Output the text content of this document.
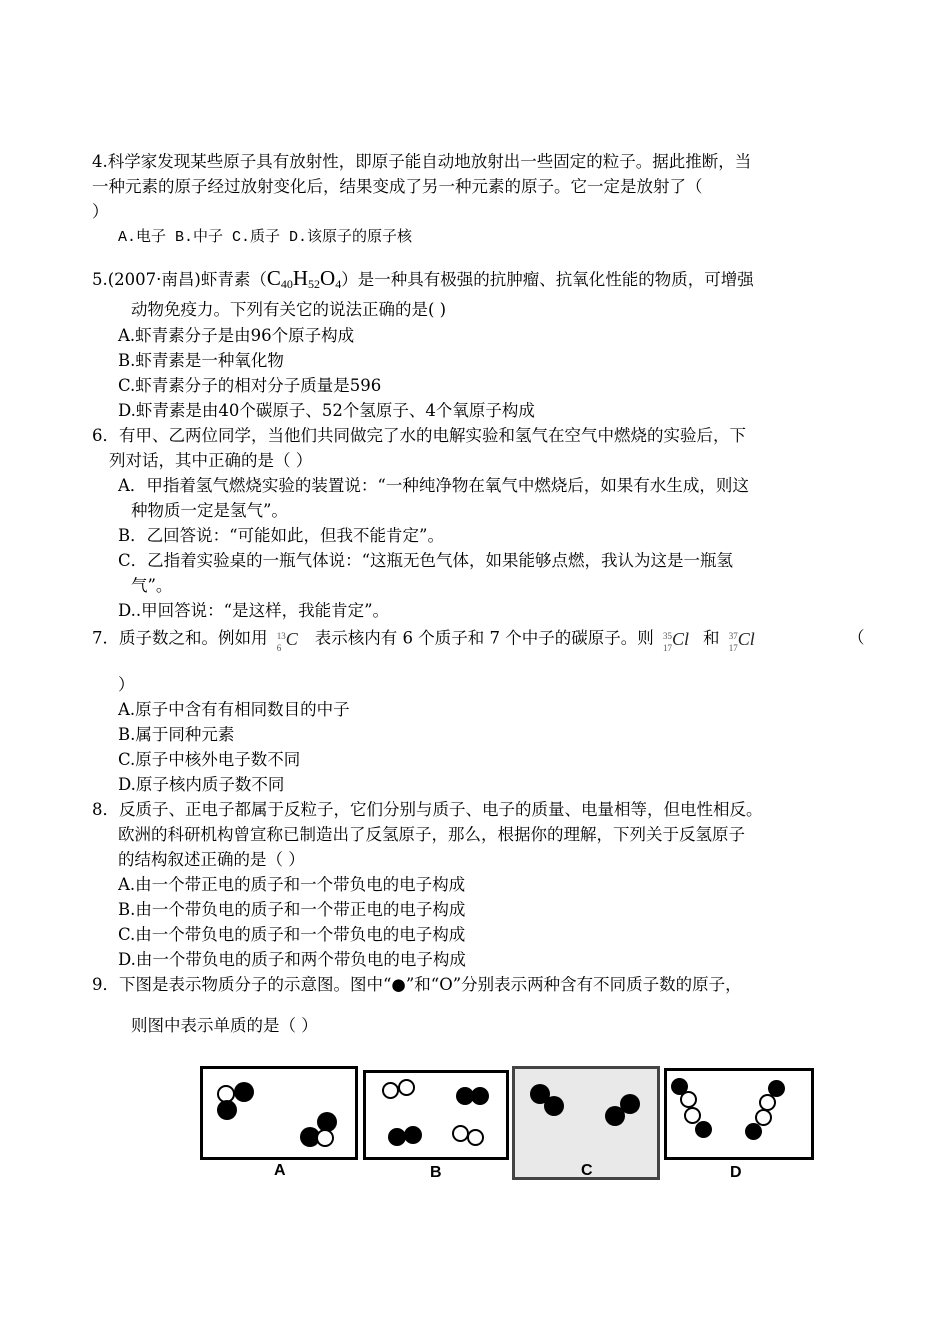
4.科学家发现某些原子具有放射性，即原子能自动地放射出一些固定的粒子。据此推断，当
一种元素的原子经过放射变化后，结果变成了另一种元素的原子。它一定是放射了（
）
A.电子 B.中子 C.质子 D.该原子的原子核
5.(2007·南昌)虾青素$(C_{40}H_{52}O_4)$是一种具有极强的抗肿瘤、抗氧化性能的物质，可增强
动物免疫力。下列有关它的说法正确的是( )
A.虾青素分子是由96个原子构成
B.虾青素是一种氧化物
C.虾青素分子的相对分子质量是596
D.虾青素是由40个碳原子、52个氢原子、4个氧原子构成
6．有甲、乙两位同学，当他们共同做完了水的电解实验和氢气在空气中燃烧的实验后，下
列对话，其中正确的是（ ）
A．甲指着氢气燃烧实验的装置说：“一种纯净物在氧气中燃烧后，如果有水生成，则这
种物质一定是氢气”。
B．乙回答说：“可能如此，但我不能肯定”。
C．乙指着实验桌的一瓶气体说：“这瓶无色气体，如果能够点燃，我认为这是一瓶氢
气”。
D..甲回答说：“是这样，我能肯定”。
7．质子数之和。例如用 13
6 C 表示核内有 6 个质子和 7 个中子的碳原子。则 35
17 Cl 和 37
17 Cl	（
）
A.原子中含有有相同数目的中子
B.属于同种元素
C.原子中核外电子数不同
D.原子核内质子数不同
8．反质子、正电子都属于反粒子，它们分别与质子、电子的质量、电量相等，但电性相反。
欧洲的科研机构曾宣称已制造出了反氢原子，那么，根据你的理解，下列关于反氢原子
的结构叙述正确的是（ ）
A.由一个带正电的质子和一个带负电的电子构成
B.由一个带负电的质子和一个带正电的电子构成
C.由一个带负电的质子和一个带负电的电子构成
D.由一个带负电的质子和两个带负电的电子构成
9．下图是表示物质分子的示意图。图中“●”和“O”分别表示两种含有不同质子数的原子，
则图中表示单质的是（ ）
A	B	C	D
